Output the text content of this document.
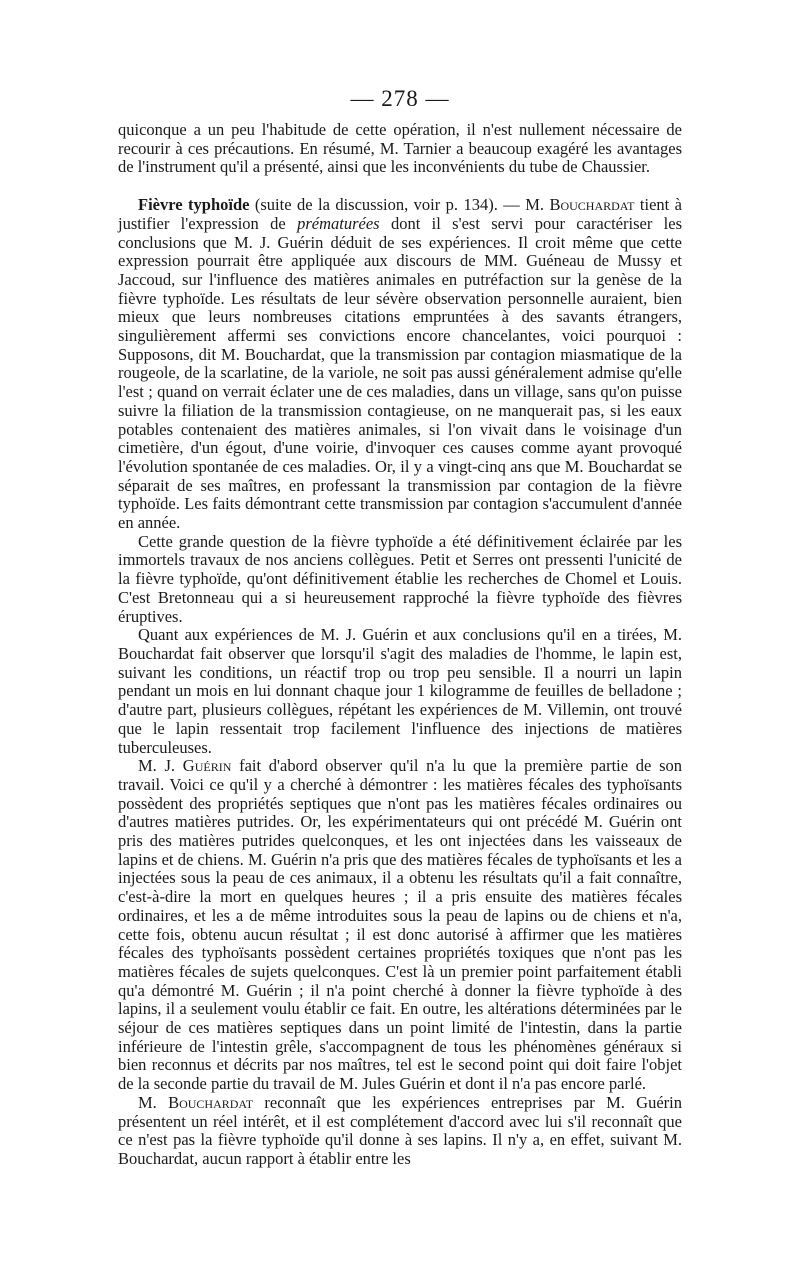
— 278 —

quiconque a un peu l'habitude de cette opération, il n'est nullement nécessaire de recourir à ces précautions. En résumé, M. Tarnier a beaucoup exagéré les avantages de l'instrument qu'il a présenté, ainsi que les inconvénients du tube de Chaussier.

Fièvre typhoïde (suite de la discussion, voir p. 134). — M. Bouchardat tient à justifier l'expression de prématurées dont il s'est servi pour caractériser les conclusions que M. J. Guérin déduit de ses expériences. Il croit même que cette expression pourrait être appliquée aux discours de MM. Guéneau de Mussy et Jaccoud, sur l'influence des matières animales en putréfaction sur la genèse de la fièvre typhoïde. Les résultats de leur sévère observation personnelle auraient, bien mieux que leurs nombreuses citations empruntées à des savants étrangers, singulièrement affermi ses convictions encore chancelantes, voici pourquoi : Supposons, dit M. Bouchardat, que la transmission par contagion miasmatique de la rougeole, de la scarlatine, de la variole, ne soit pas aussi généralement admise qu'elle l'est ; quand on verrait éclater une de ces maladies, dans un village, sans qu'on puisse suivre la filiation de la transmission contagieuse, on ne manquerait pas, si les eaux potables contenaient des matières animales, si l'on vivait dans le voisinage d'un cimetière, d'un égout, d'une voirie, d'invoquer ces causes comme ayant provoqué l'évolution spontanée de ces maladies. Or, il y a vingt-cinq ans que M. Bouchardat se séparait de ses maîtres, en professant la transmission par contagion de la fièvre typhoïde. Les faits démontrant cette transmission par contagion s'accumulent d'année en année.

Cette grande question de la fièvre typhoïde a été définitivement éclairée par les immortels travaux de nos anciens collègues. Petit et Serres ont pressenti l'unicité de la fièvre typhoïde, qu'ont définitivement établie les recherches de Chomel et Louis. C'est Bretonneau qui a si heureusement rapproché la fièvre typhoïde des fièvres éruptives.

Quant aux expériences de M. J. Guérin et aux conclusions qu'il en a tirées, M. Bouchardat fait observer que lorsqu'il s'agit des maladies de l'homme, le lapin est, suivant les conditions, un réactif trop ou trop peu sensible. Il a nourri un lapin pendant un mois en lui donnant chaque jour 1 kilogramme de feuilles de belladone ; d'autre part, plusieurs collègues, répétant les expériences de M. Villemin, ont trouvé que le lapin ressentait trop facilement l'influence des injections de matières tuberculeuses.

M. J. Guérin fait d'abord observer qu'il n'a lu que la première partie de son travail. Voici ce qu'il y a cherché à démontrer : les matières fécales des typhoïsants possèdent des propriétés septiques que n'ont pas les matières fécales ordinaires ou d'autres matières putrides. Or, les expérimentateurs qui ont précédé M. Guérin ont pris des matières putrides quelconques, et les ont injectées dans les vaisseaux de lapins et de chiens. M. Guérin n'a pris que des matières fécales de typhoïsants et les a injectées sous la peau de ces animaux, il a obtenu les résultats qu'il a fait connaître, c'est-à-dire la mort en quelques heures ; il a pris ensuite des matières fécales ordinaires, et les a de même introduites sous la peau de lapins ou de chiens et n'a, cette fois, obtenu aucun résultat ; il est donc autorisé à affirmer que les matières fécales des typhoïsants possèdent certaines propriétés toxiques que n'ont pas les matières fécales de sujets quelconques. C'est là un premier point parfaitement établi qu'a démontré M. Guérin ; il n'a point cherché à donner la fièvre typhoïde à des lapins, il a seulement voulu établir ce fait. En outre, les altérations déterminées par le séjour de ces matières septiques dans un point limité de l'intestin, dans la partie inférieure de l'intestin grêle, s'accompagnent de tous les phénomènes généraux si bien reconnus et décrits par nos maîtres, tel est le second point qui doit faire l'objet de la seconde partie du travail de M. Jules Guérin et dont il n'a pas encore parlé.

M. Bouchardat reconnaît que les expériences entreprises par M. Guérin présentent un réel intérêt, et il est complétement d'accord avec lui s'il reconnaît que ce n'est pas la fièvre typhoïde qu'il donne à ses lapins. Il n'y a, en effet, suivant M. Bouchardat, aucun rapport à établir entre les
